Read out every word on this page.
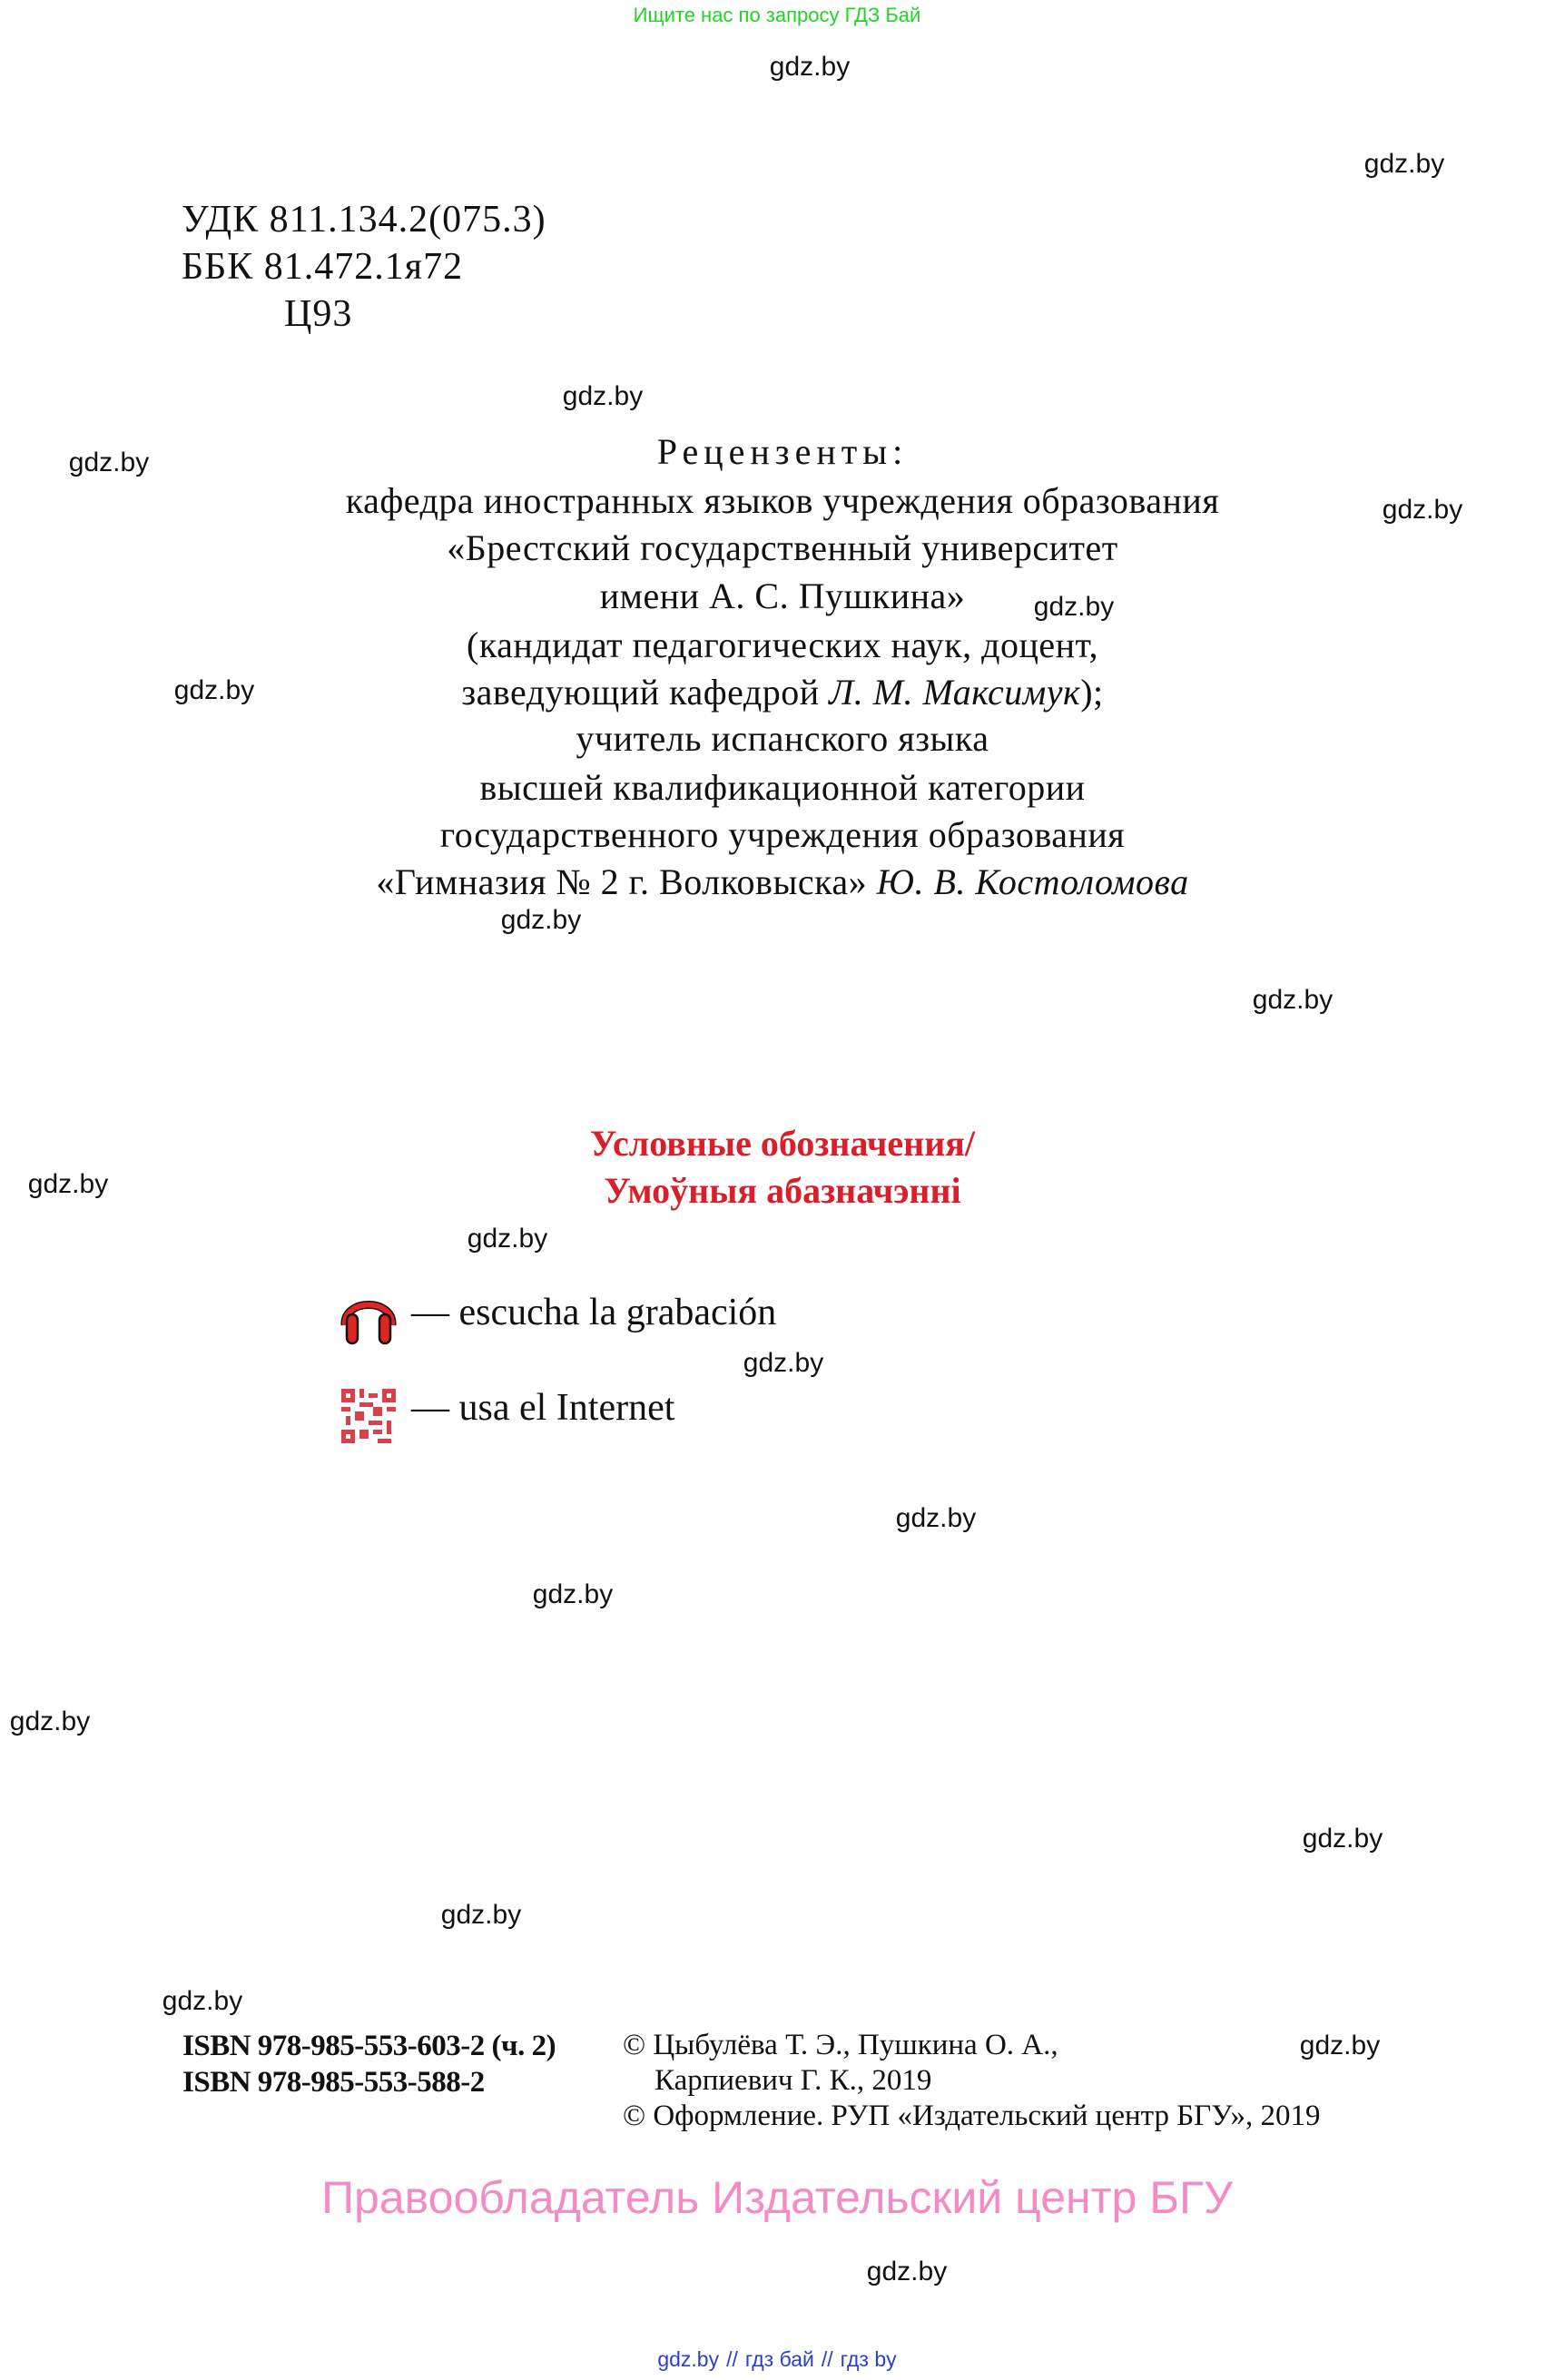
Ищите нас по запросу ГДЗ Бай
gdz.by
gdz.by
gdz.by
gdz.by
gdz.by
gdz.by
gdz.by
gdz.by
gdz.by
gdz.by
gdz.by
gdz.by
gdz.by
gdz.by
gdz.by
gdz.by
gdz.by
gdz.by
gdz.by
gdz.by
УДК 811.134.2(075.3)
ББК 81.472.1я72
Ц93
Рецензенты:
кафедра иностранных языков учреждения образования
«Брестский государственный университет
имени А. С. Пушкина»
(кандидат педагогических наук, доцент,
заведующий кафедрой Л. М. Максимук);
учитель испанского языка
высшей квалификационной категории
государственного учреждения образования
«Гимназия № 2 г. Волковыска» Ю. В. Костоломова
Условные обозначения/
Умоўныя абазначэнні
— escucha la grabación
— usa el Internet
ISBN 978-985-553-603-2 (ч. 2)
ISBN 978-985-553-588-2
© Цыбулёва Т. Э., Пушкина О. А.,
Карпиевич Г. К., 2019
© Оформление. РУП «Издательский центр БГУ», 2019
Правообладатель Издательский центр БГУ
gdz.by // гдз бай // гдз by
